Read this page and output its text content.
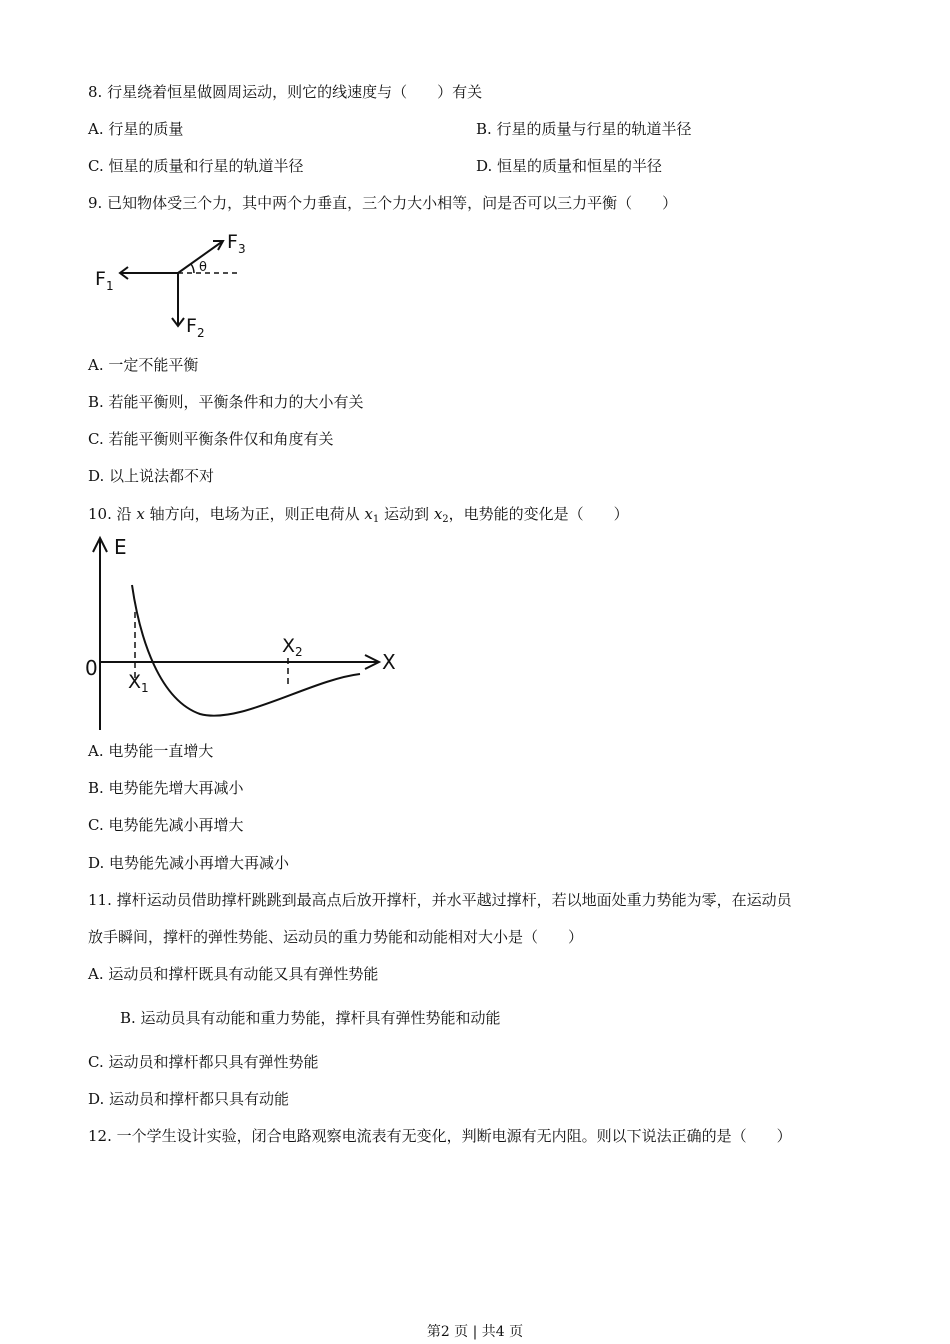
8. 行星绕着恒星做圆周运动，则它的线速度与（　　）有关
A. 行星的质量	B. 行星的质量与行星的轨道半径
C. 恒星的质量和行星的轨道半径	D. 恒星的质量和恒星的半径
9. 已知物体受三个力，其中两个力垂直，三个力大小相等，问是否可以三力平衡（　　）
θ
$F_1$
$F_2$
$F_3$
A. 一定不能平衡
B. 若能平衡则，平衡条件和力的大小有关
C. 若能平衡则平衡条件仅和角度有关
D. 以上说法都不对
10. 沿 x 轴方向，电场为正，则正电荷从 $x_1$ 运动到 $x_2$，电势能的变化是（　　）
E
0	X
$X_1$
$X_2$
A. 电势能一直增大
B. 电势能先增大再减小
C. 电势能先减小再增大
D. 电势能先减小再增大再减小
11. 撑杆运动员借助撑杆跳跳到最高点后放开撑杆，并水平越过撑杆，若以地面处重力势能为零，在运动员
放手瞬间，撑杆的弹性势能、运动员的重力势能和动能相对大小是（　　）
A. 运动员和撑杆既具有动能又具有弹性势能
B. 运动员具有动能和重力势能，撑杆具有弹性势能和动能
C. 运动员和撑杆都只具有弹性势能
D. 运动员和撑杆都只具有动能
12. 一个学生设计实验，闭合电路观察电流表有无变化，判断电源有无内阻。则以下说法正确的是（　　）
第2 页 | 共4 页
